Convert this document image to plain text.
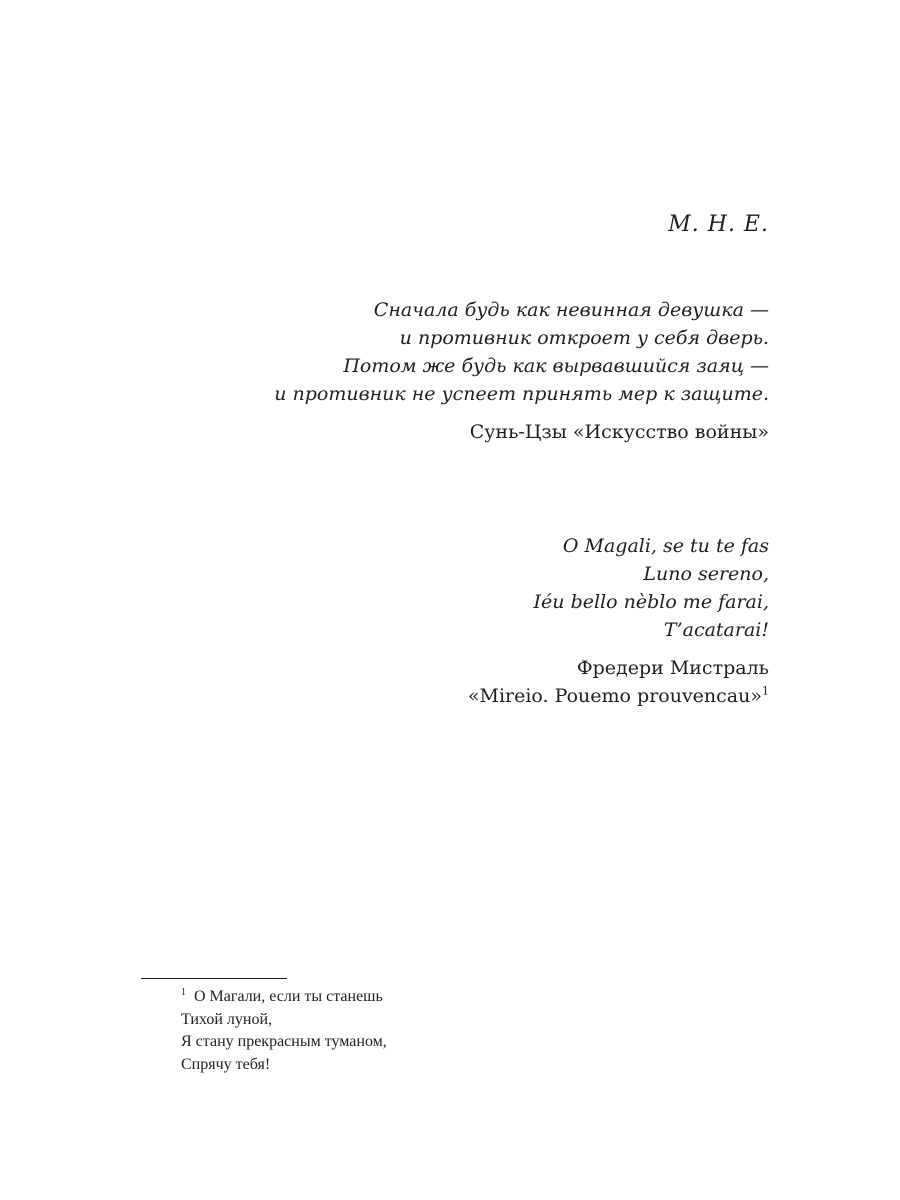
M. H. E.

Сначала будь как невинная девушка —
и противник откроет у себя дверь.
Потом же будь как вырвавшийся заяц —
и противник не успеет принять мер к защите.

Сунь-Цзы «Искусство войны»

O Magali, se tu te fas
Luno sereno,
Iéu bello nèblo me farai,
T’acatarai!

Фредери Мистраль
«Mireio. Pouemo prouvencau»$^1$
$^1$ О Магали, если ты станешь
Тихой луной,
Я стану прекрасным туманом,
Спрячу тебя!
